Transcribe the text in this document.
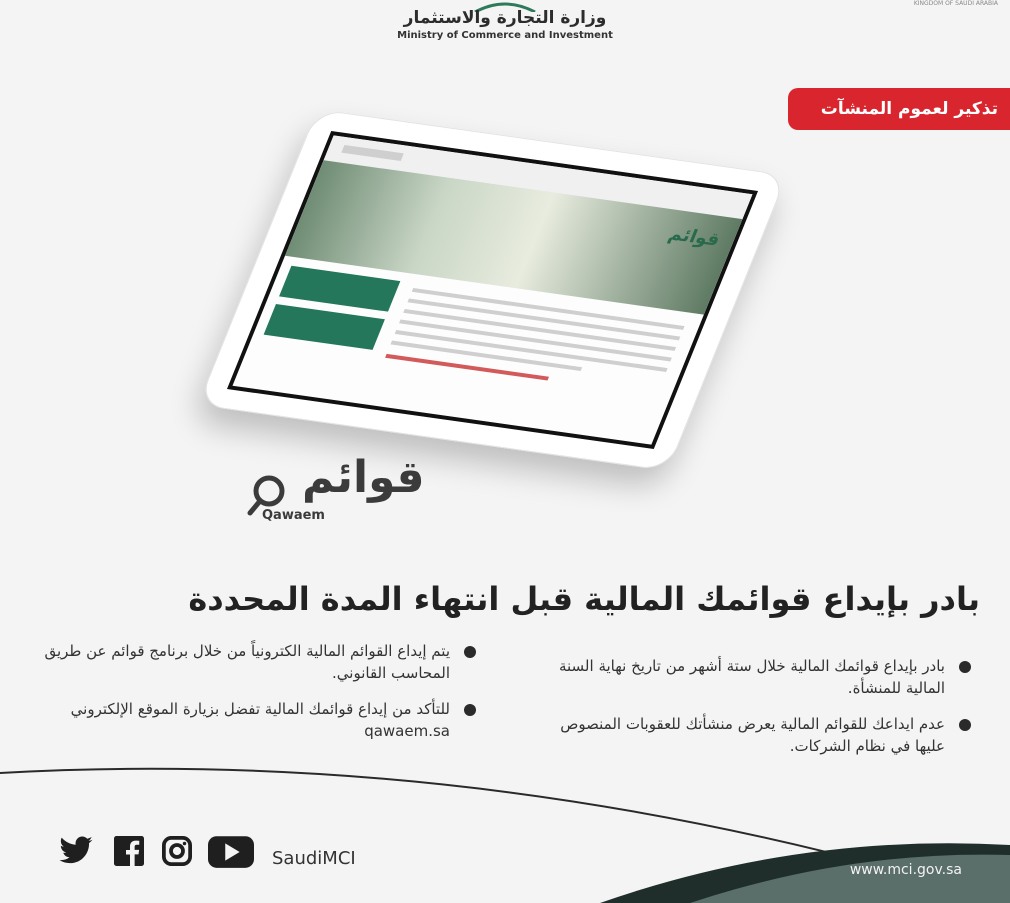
KINGDOM OF SAUDI ARABIA
وزارة التجارة والاستثمار
Ministry of Commerce and Investment
تذكير لعموم المنشآت
قوائم
قوائم
Qawaem
بادر بإيداع قوائمك المالية قبل انتهاء المدة المحددة
بادر بإيداع قوائمك المالية خلال ستة أشهر من تاريخ نهاية السنة المالية للمنشأة.
عدم ايداعك للقوائم المالية يعرض منشأتك للعقوبات المنصوص عليها في نظام الشركات.
يتم إيداع القوائم المالية الكترونياً من خلال برنامج قوائم عن طريق المحاسب القانوني.
للتأكد من إيداع قوائمك المالية تفضل بزيارة الموقع الإلكتروني qawaem.sa
SaudiMCI
www.mci.gov.sa
